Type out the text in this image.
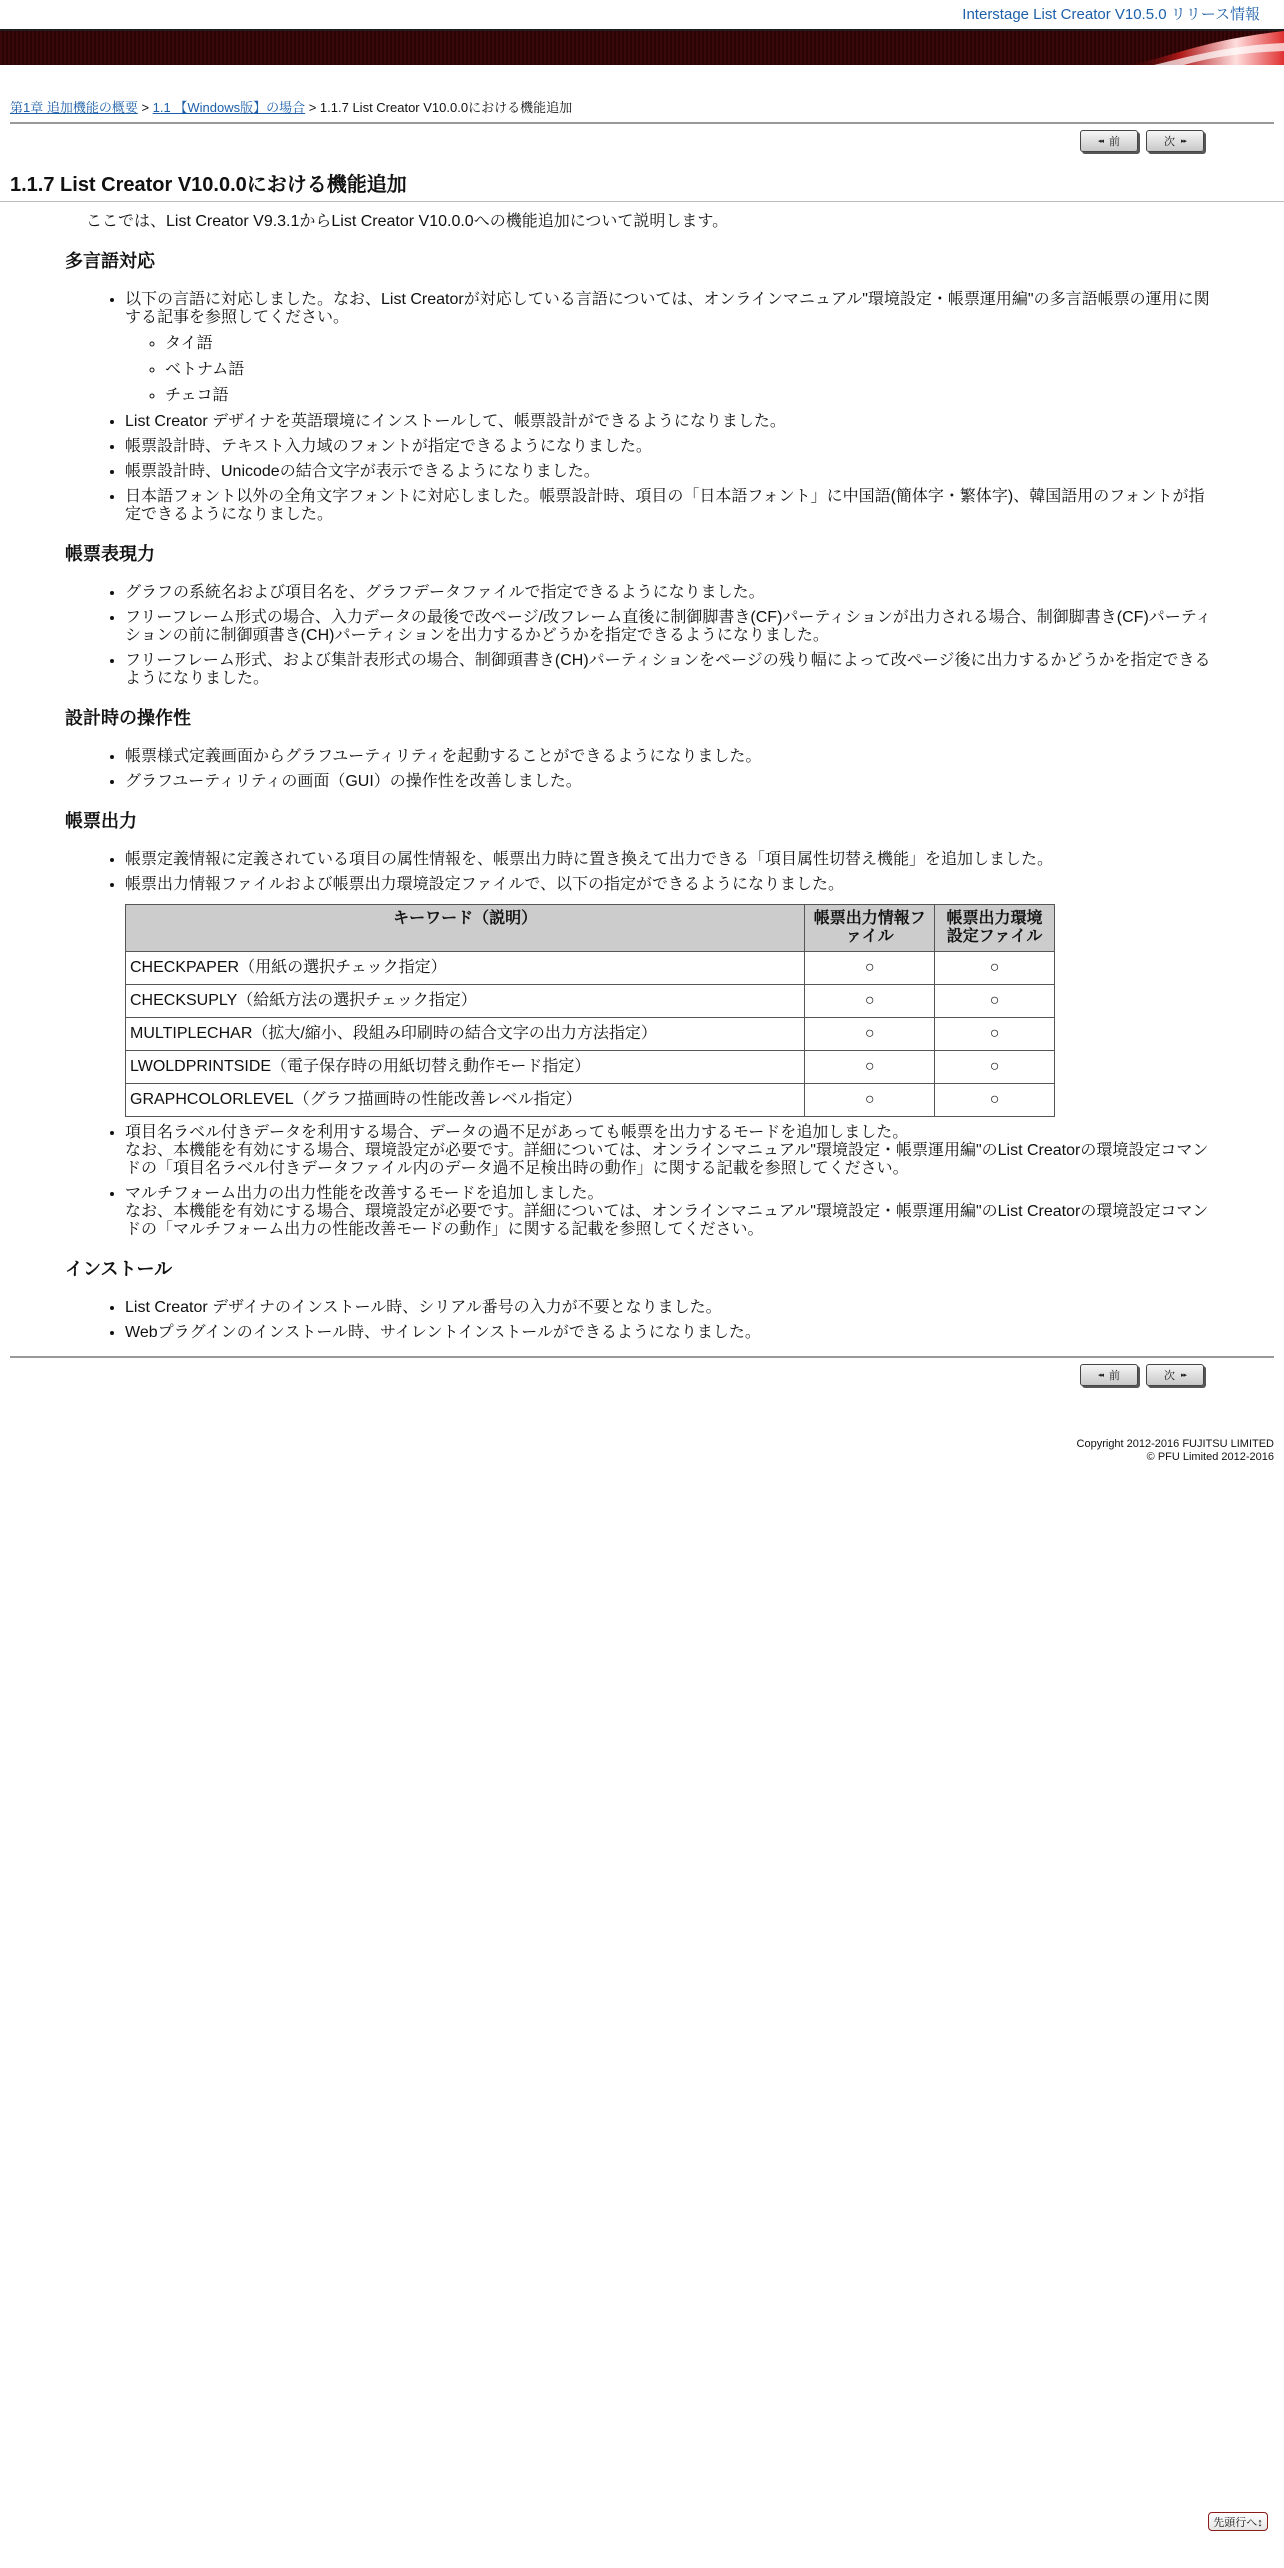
Interstage List Creator V10.5.0 リリース情報
第1章 追加機能の概要 > 1.1 【Windows版】の場合 > 1.1.7 List Creator V10.0.0における機能追加
◂◂ 前	次 ▸▸
1.1.7 List Creator V10.0.0における機能追加
ここでは、List Creator V9.3.1からList Creator V10.0.0への機能追加について説明します。
多言語対応
• 以下の言語に対応しました。なお、List Creatorが対応している言語については、オンラインマニュアル"環境設定・帳票運用編"の多言語帳票の運用に関する記事を参照してください。
◦ タイ語
◦ ベトナム語
◦ チェコ語
• List Creator デザイナを英語環境にインストールして、帳票設計ができるようになりました。
• 帳票設計時、テキスト入力域のフォントが指定できるようになりました。
• 帳票設計時、Unicodeの結合文字が表示できるようになりました。
• 日本語フォント以外の全角文字フォントに対応しました。帳票設計時、項目の「日本語フォント」に中国語(簡体字・繁体字)、韓国語用のフォントが指定できるようになりました。
帳票表現力
• グラフの系統名および項目名を、グラフデータファイルで指定できるようになりました。
• フリーフレーム形式の場合、入力データの最後で改ページ/改フレーム直後に制御脚書き(CF)パーティションが出力される場合、制御脚書き(CF)パーティションの前に制御頭書き(CH)パーティションを出力するかどうかを指定できるようになりました。
• フリーフレーム形式、および集計表形式の場合、制御頭書き(CH)パーティションをページの残り幅によって改ページ後に出力するかどうかを指定できるようになりました。
設計時の操作性
• 帳票様式定義画面からグラフユーティリティを起動することができるようになりました。
• グラフユーティリティの画面（GUI）の操作性を改善しました。
帳票出力
• 帳票定義情報に定義されている項目の属性情報を、帳票出力時に置き換えて出力できる「項目属性切替え機能」を追加しました。
• 帳票出力情報ファイルおよび帳票出力環境設定ファイルで、以下の指定ができるようになりました。
キーワード（説明）	帳票出力情報ファイル	帳票出力環境設定ファイル
CHECKPAPER（用紙の選択チェック指定）	○	○
CHECKSUPLY（給紙方法の選択チェック指定）	○	○
MULTIPLECHAR（拡大/縮小、段組み印刷時の結合文字の出力方法指定）	○	○
LWOLDPRINTSIDE（電子保存時の用紙切替え動作モード指定）	○	○
GRAPHCOLORLEVEL（グラフ描画時の性能改善レベル指定）	○	○
• 項目名ラベル付きデータを利用する場合、データの過不足があっても帳票を出力するモードを追加しました。
なお、本機能を有効にする場合、環境設定が必要です。詳細については、オンラインマニュアル"環境設定・帳票運用編"のList Creatorの環境設定コマンドの「項目名ラベル付きデータファイル内のデータ過不足検出時の動作」に関する記載を参照してください。
• マルチフォーム出力の出力性能を改善するモードを追加しました。
なお、本機能を有効にする場合、環境設定が必要です。詳細については、オンラインマニュアル"環境設定・帳票運用編"のList Creatorの環境設定コマンドの「マルチフォーム出力の性能改善モードの動作」に関する記載を参照してください。
インストール
• List Creator デザイナのインストール時、シリアル番号の入力が不要となりました。
• Webプラグインのインストール時、サイレントインストールができるようになりました。
◂◂ 前	次 ▸▸
Copyright 2012-2016 FUJITSU LIMITED
© PFU Limited 2012-2016
先頭行へ↕
